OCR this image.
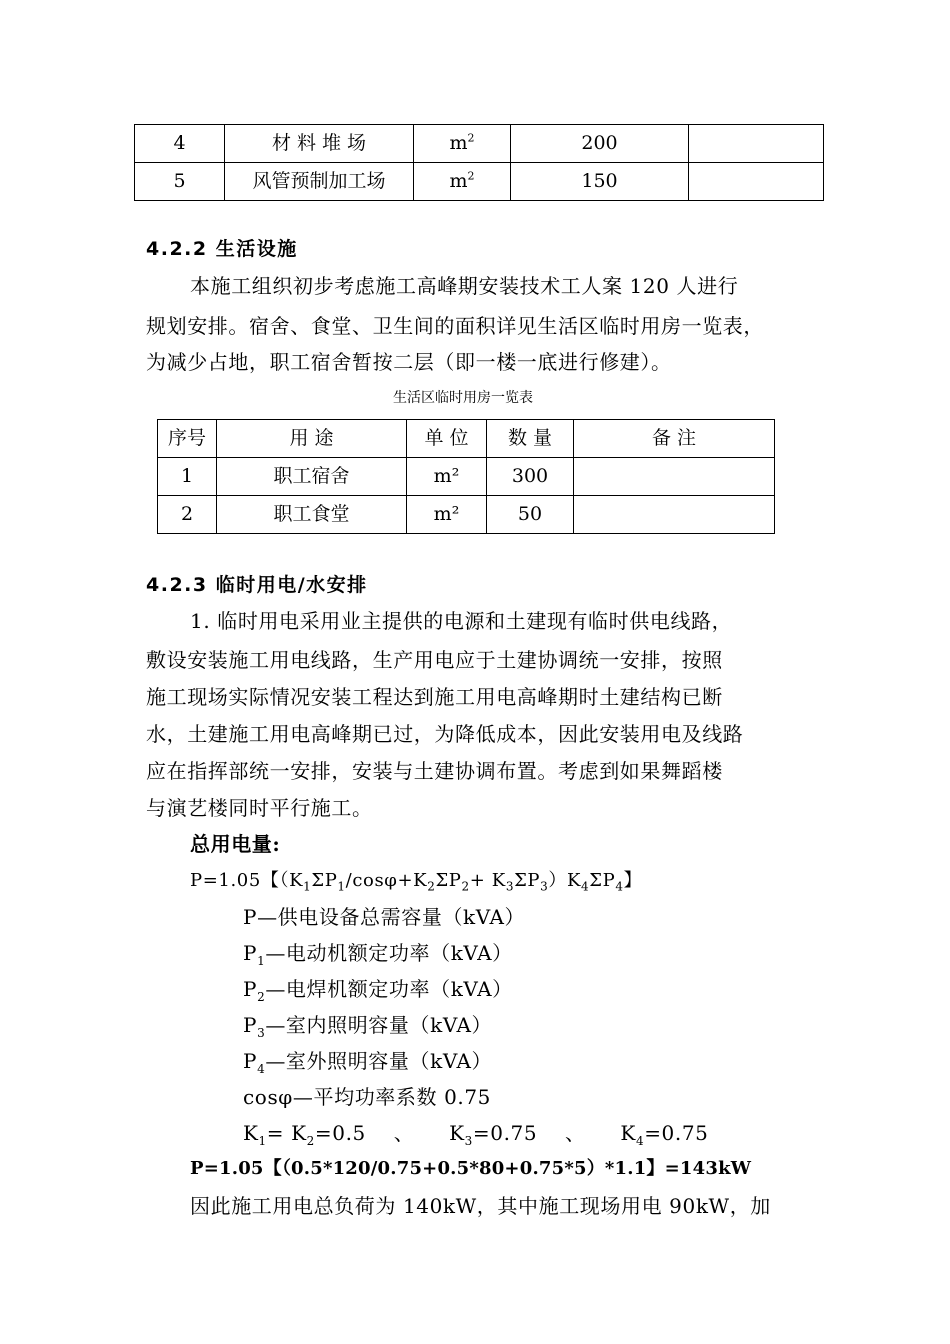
4	材 料 堆 场	$m^2$	200	
5	风管预制加工场	$m^2$	150	
4.2.2 生活设施
本施工组织初步考虑施工高峰期安装技术工人案 120 人进行
规划安排。宿舍、食堂、卫生间的面积详见生活区临时用房一览表，
为减少占地，职工宿舍暂按二层（即一楼一底进行修建）。
生活区临时用房一览表
序号	用 途	单 位	数 量	备 注
1	职工宿舍	m²	300	
2	职工食堂	m²	50	
4.2.3 临时用电/水安排
1. 临时用电采用业主提供的电源和土建现有临时供电线路，
敷设安装施工用电线路，生产用电应于土建协调统一安排，按照
施工现场实际情况安装工程达到施工用电高峰期时土建结构已断
水，土建施工用电高峰期已过，为降低成本，因此安装用电及线路
应在指挥部统一安排，安装与土建协调布置。考虑到如果舞蹈楼
与演艺楼同时平行施工。
总用电量:
P=1.05【$(K_1\Sigma P_1/\cos\varphi+K_2\Sigma P_2+ K_3\Sigma P_3)K_4\Sigma P_4$】
P—供电设备总需容量（kVA）
$P_1—$电动机额定功率（kVA）
$P_2—$电焊机额定功率（kVA）
$P_3—$室内照明容量（kVA）
$P_4—$室外照明容量（kVA）
cosφ—平均功率系数 0.75
$K_1= K_2=0.5$    、     $K_3=0.75$    、     $K_4=0.75$
P=1.05【（0.5*120/0.75+0.5*80+0.75*5）*1.1】=143kW
因此施工用电总负荷为 140kW，其中施工现场用电 90kW，加
